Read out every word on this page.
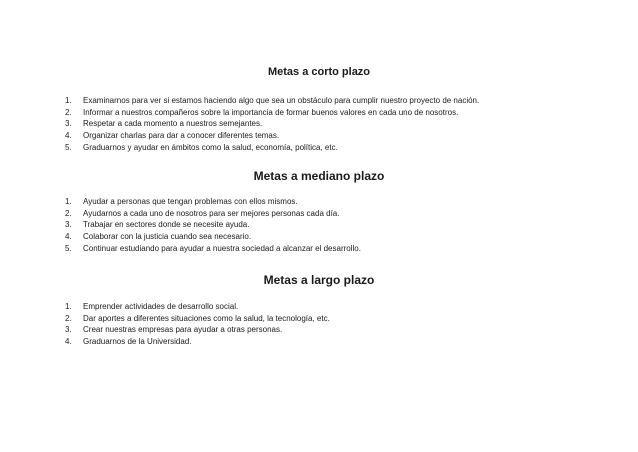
Metas a corto plazo
1.	Examinarnos para ver si estamos haciendo algo que sea un obstáculo para cumplir nuestro proyecto de nación.
2.	Informar a nuestros compañeros sobre la importancia de formar buenos valores en cada uno de nosotros.
3.	Respetar a cada momento a nuestros semejantes.
4.	Organizar charlas para dar a conocer diferentes temas.
5.	Graduarnos y ayudar en ámbitos como la salud, economía, política, etc.
Metas a mediano plazo
1.	Ayudar a personas que tengan problemas con ellos mismos.
2.	Ayudarnos a cada uno de nosotros para ser mejores personas cada día.
3.	Trabajar en sectores donde se necesite ayuda.
4.	Colaborar con la justicia cuando sea necesario.
5.	Continuar estudiando para ayudar a nuestra sociedad a alcanzar el desarrollo.
Metas a largo plazo
1.	Emprender actividades de desarrollo social.
2.	Dar aportes a diferentes situaciones como la salud, la tecnología, etc.
3.	Crear nuestras empresas para ayudar a otras personas.
4.	Graduarnos de la Universidad.
